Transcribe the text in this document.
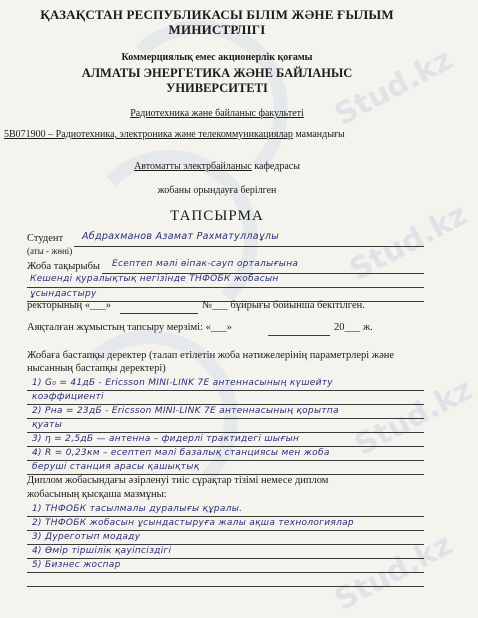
Stud.kz
Stud.kz
Stud.kz
Stud.kz
ҚАЗАҚСТАН РЕСПУБЛИКАСЫ БІЛІМ ЖӘНЕ ҒЫЛЫМ
МИНИСТРЛІГІ
Коммерциялық емес акционерлік қоғамы
АЛМАТЫ ЭНЕРГЕТИКА ЖӘНЕ БАЙЛАНЫС
УНИВЕРСИТЕТІ
Радиотехника және байланыс факультеті
5В071900 – Радиотехника, электроника және телекоммуникациялар мамандығы
Автоматты электрбайланыс кафедрасы
жобаны орындауға берілген
ТАПСЫРМА
Студент Абдрахманов Азамат Рахматуллаұлы
(аты - жөні)
Жоба тақырыбы Есептеп мәлі өіпак-сауп орталығына
Кешенді қуралықтық негізінде ТНФОБК жобасын
ұсындастыру
ректорының «___»	№___ бұйрығы бойынша бекітілген.
Аяқталған жұмыстың тапсыру мерзімі: «___»	20___ ж.
Жобаға бастапқы деректер (талап етілетін жоба нәтижелерінің параметрлері және нысанның бастапқы деректері)
1) G₀ = 41дБ - Ericsson MINI-LINK 7E антеннасының күшейту
коэффициенті
2) Рна = 23дБ - Ericsson MINI-LINK 7E антеннасының қорытпа
қуаты
3) η = 2,5дБ — антенна – фидерлі трактидегі шығын
4) R = 0,23км – есептеп мәлі базалық станциясы мен жоба
берушi станция арасы қашықтық
Диплом жобасындағы әзірленуі тиіс сұрақтар тізімі немесе диплом
жобасының қысқаша мазмұны:
1) ТНФОБК тасылмалы дуралығы құралы.
2) ТНФОБК жобасын ұсындастыруға жалы ақша технологиялар
3) Дуреготып модаду
4) Өмір тіршілік қауіпсіздігі
5) Бизнес жоспар
